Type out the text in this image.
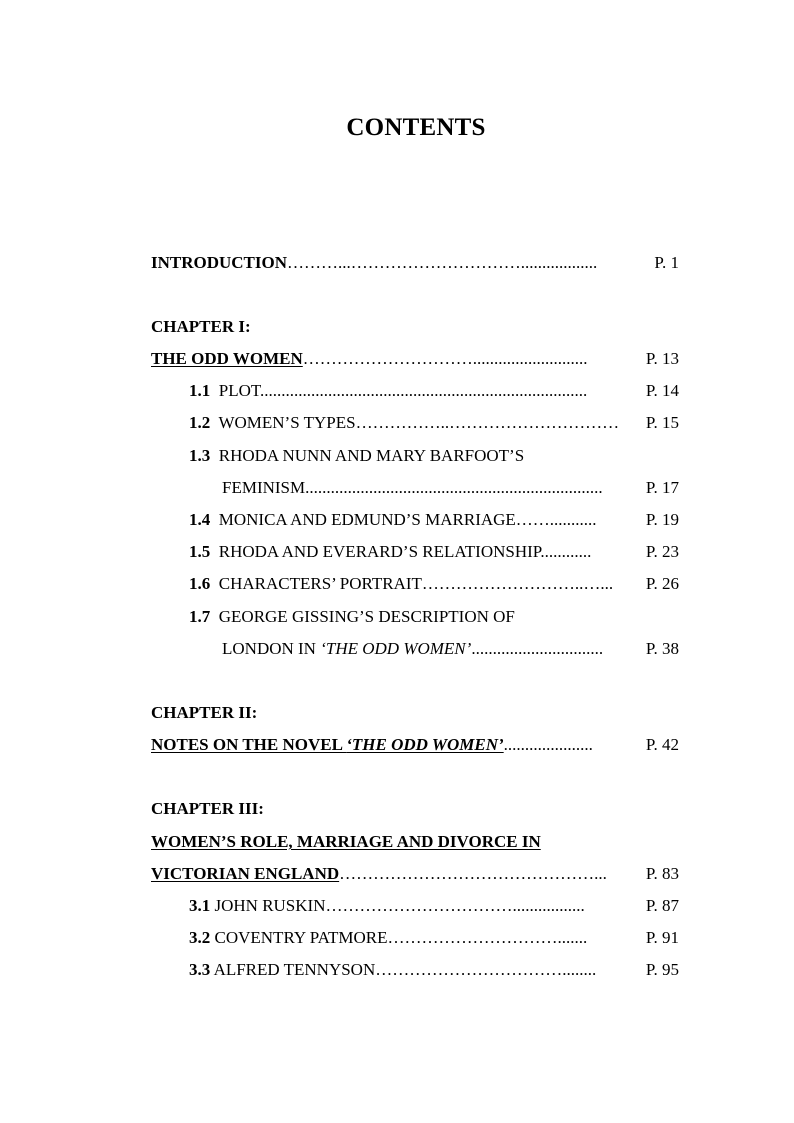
CONTENTS
INTRODUCTION………...…………………………..................	P. 1
CHAPTER I:
THE ODD WOMEN…………………………...........................	P. 13
1.1 PLOT.............................................................................	P. 14
1.2 WOMEN’S TYPES……………..…………………………	P. 15
1.3 RHODA NUNN AND MARY BARFOOT’S
FEMINISM......................................................................	P. 17
1.4 MONICA AND EDMUND’S MARRIAGE……...........	P. 19
1.5 RHODA AND EVERARD’S RELATIONSHIP............	P. 23
1.6 CHARACTERS’ PORTRAIT………………………..…...	P. 26
1.7 GEORGE GISSING’S DESCRIPTION OF
LONDON IN ‘THE ODD WOMEN’...............................	P. 38
CHAPTER II:
NOTES ON THE NOVEL ‘THE ODD WOMEN’.....................	P. 42
CHAPTER III:
WOMEN’S ROLE, MARRIAGE AND DIVORCE IN
VICTORIAN ENGLAND………………………………………...	P. 83
3.1 JOHN RUSKIN…………………………….................	P. 87
3.2 COVENTRY PATMORE………………………….......	P. 91
3.3 ALFRED TENNYSON……………………………........	P. 95
